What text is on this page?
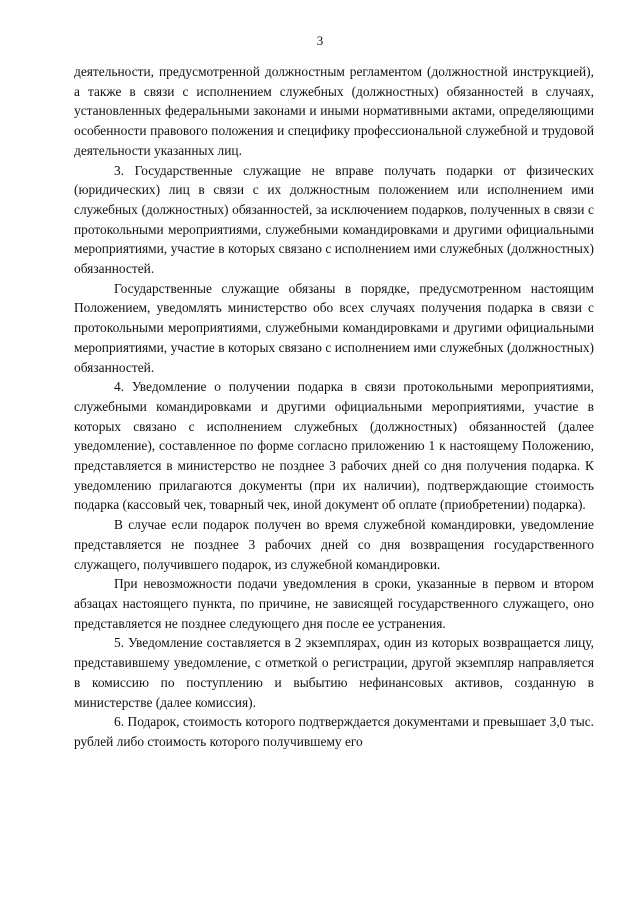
3

деятельности, предусмотренной должностным регламентом (должностной инструкцией), а также в связи с исполнением служебных (должностных) обязанностей в случаях, установленных федеральными законами и иными нормативными актами, определяющими особенности правового положения и специфику профессиональной служебной и трудовой деятельности указанных лиц.

3. Государственные служащие не вправе получать подарки от физических (юридических) лиц в связи с их должностным положением или исполнением ими служебных (должностных) обязанностей, за исключением подарков, полученных в связи с протокольными мероприятиями, служебными командировками и другими официальными мероприятиями, участие в которых связано с исполнением ими служебных (должностных) обязанностей.

Государственные служащие обязаны в порядке, предусмотренном настоящим Положением, уведомлять министерство обо всех случаях получения подарка в связи с протокольными мероприятиями, служебными командировками и другими официальными мероприятиями, участие в которых связано с исполнением ими служебных (должностных) обязанностей.

4. Уведомление о получении подарка в связи протокольными мероприятиями, служебными командировками и другими официальными мероприятиями, участие в которых связано с исполнением служебных (должностных) обязанностей (далее уведомление), составленное по форме согласно приложению 1 к настоящему Положению, представляется в министерство не позднее 3 рабочих дней со дня получения подарка. К уведомлению прилагаются документы (при их наличии), подтверждающие стоимость подарка (кассовый чек, товарный чек, иной документ об оплате (приобретении) подарка).

В случае если подарок получен во время служебной командировки, уведомление представляется не позднее 3 рабочих дней со дня возвращения государственного служащего, получившего подарок, из служебной командировки.

При невозможности подачи уведомления в сроки, указанные в первом и втором абзацах настоящего пункта, по причине, не зависящей государственного служащего, оно представляется не позднее следующего дня после ее устранения.

5. Уведомление составляется в 2 экземплярах, один из которых возвращается лицу, представившему уведомление, с отметкой о регистрации, другой экземпляр направляется в комиссию по поступлению и выбытию нефинансовых активов, созданную в министерстве (далее комиссия).

6. Подарок, стоимость которого подтверждается документами и превышает 3,0 тыс. рублей либо стоимость которого получившему его
